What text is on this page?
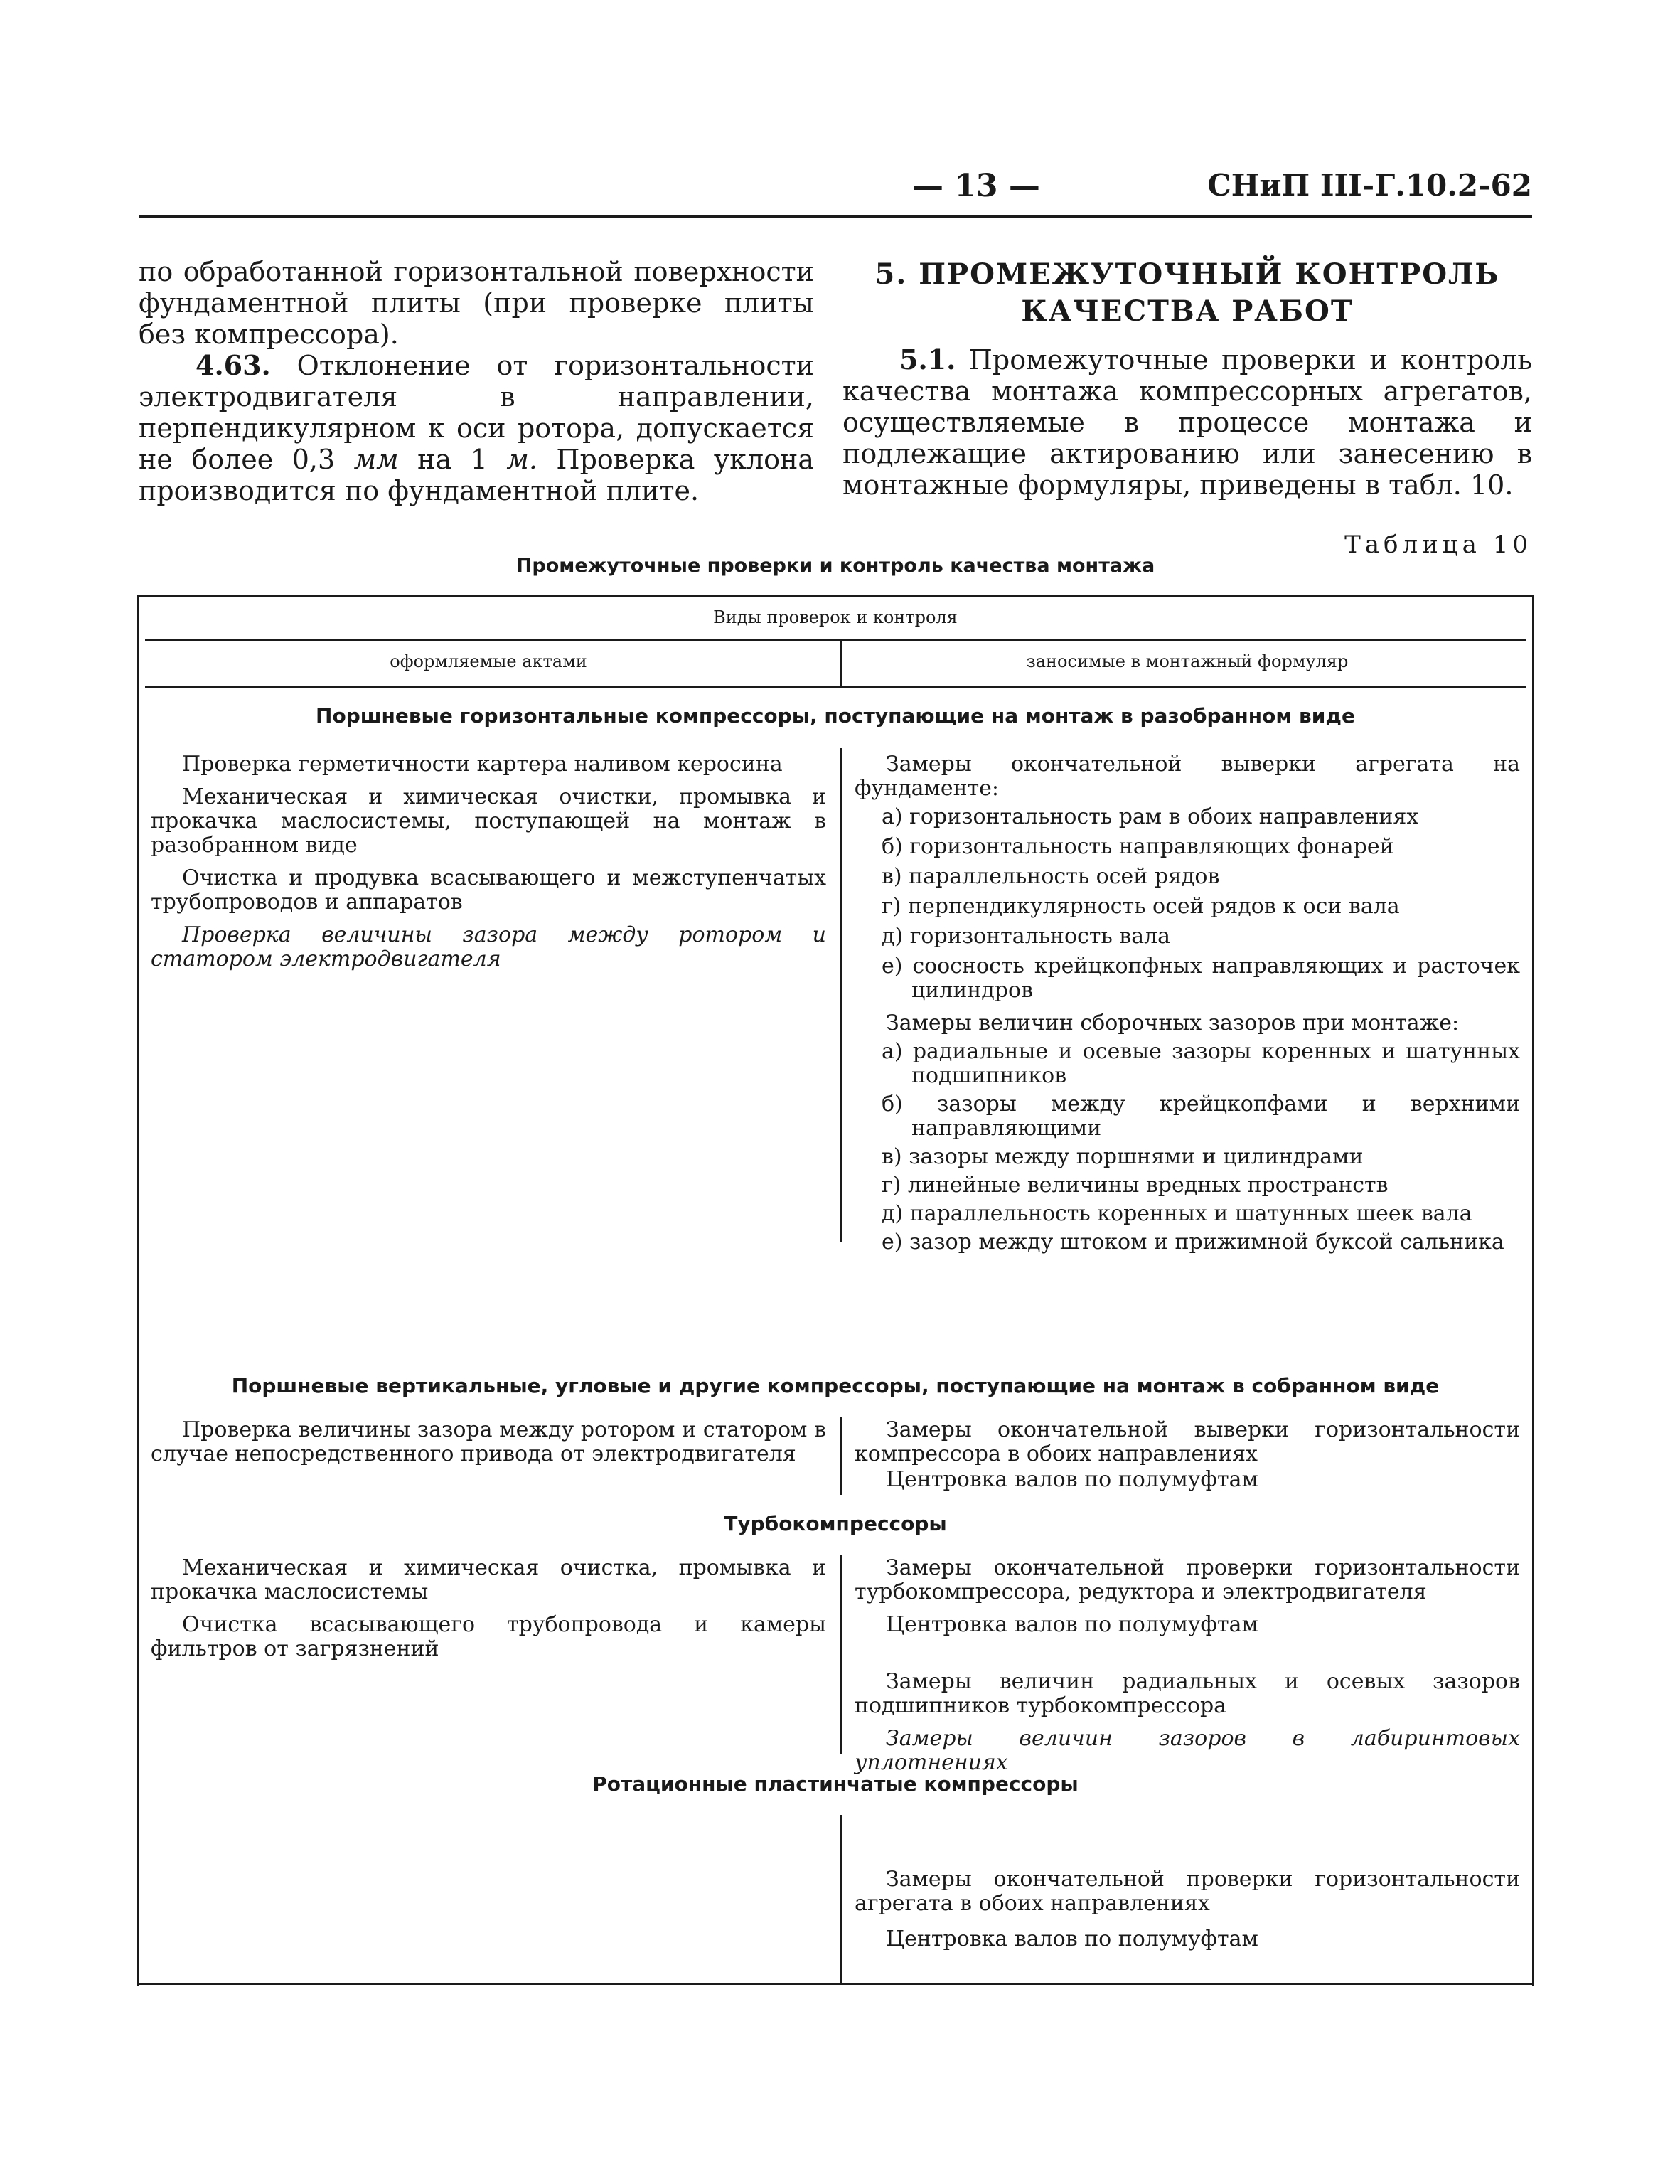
— 13 —	СНиП III-Г.10.2-62

по обработанной горизонтальной поверхности фундаментной плиты (при проверке плиты без компрессора).

4.63. Отклонение от горизонтальности электродвигателя в направлении, перпендикулярном к оси ротора, допускается не более 0,3 мм на 1 м. Проверка уклона производится по фундаментной плите.

5. ПРОМЕЖУТОЧНЫЙ КОНТРОЛЬ
КАЧЕСТВА РАБОТ

5.1. Промежуточные проверки и контроль качества монтажа компрессорных агрегатов, осуществляемые в процессе монтажа и подлежащие актированию или занесению в монтажные формуляры, приведены в табл. 10.

Таблица 10
Промежуточные проверки и контроль качества монтажа
Виды проверок и контроля
оформляемые актами	заносимые в монтажный формуляр
Поршневые горизонтальные компрессоры, поступающие на монтаж в разобранном виде

Проверка герметичности картера наливом керосина

Механическая и химическая очистки, промывка и прокачка маслосистемы, поступающей на монтаж в разобранном виде

Очистка и продувка всасывающего и межступенчатых трубопроводов и аппаратов

Проверка величины зазора между ротором и статором электродвигателя

Замеры окончательной выверки агрегата на фундаменте:

а) горизонтальность рам в обоих направлениях

б) горизонтальность направляющих фонарей

в) параллельность осей рядов

г) перпендикулярность осей рядов к оси вала

д) горизонтальность вала

е) соосность крейцкопфных направляющих и расточек цилиндров

Замеры величин сборочных зазоров при монтаже:

а) радиальные и осевые зазоры коренных и шатунных подшипников

б) зазоры между крейцкопфами и верхними направляющими

в) зазоры между поршнями и цилиндрами

г) линейные величины вредных пространств

д) параллельность коренных и шатунных шеек вала

е) зазор между штоком и прижимной буксой сальника

Поршневые вертикальные, угловые и другие компрессоры, поступающие на монтаж в собранном виде

Проверка величины зазора между ротором и статором в случае непосредственного привода от электродвигателя

Замеры окончательной выверки горизонтальности компрессора в обоих направлениях

Центровка валов по полумуфтам

Турбокомпрессоры

Механическая и химическая очистка, промывка и прокачка маслосистемы

Очистка всасывающего трубопровода и камеры фильтров от загрязнений

Замеры окончательной проверки горизонтальности турбокомпрессора, редуктора и электродвигателя

Центровка валов по полумуфтам

Замеры величин радиальных и осевых зазоров подшипников турбокомпрессора

Замеры величин зазоров в лабиринтовых уплотнениях

Ротационные пластинчатые компрессоры

Замеры окончательной проверки горизонтальности агрегата в обоих направлениях

Центровка валов по полумуфтам
